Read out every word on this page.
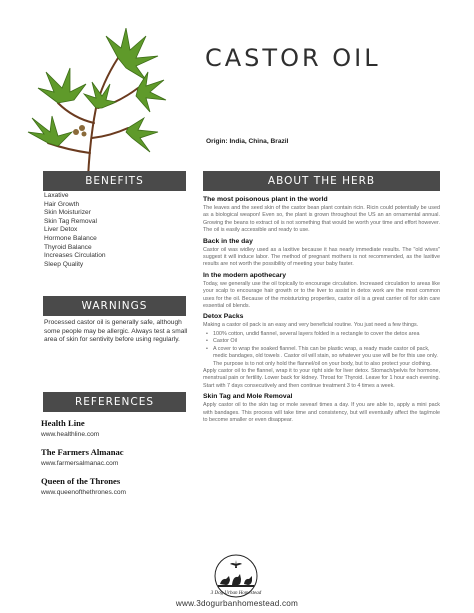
CASTOR OIL
Origin: India, China, Brazil
BENEFITS
Laxative
Hair Growth
Skin Moisturizer
Skin Tag Removal
Liver Detox
Hormone Balance
Thyroid Balance
Increases Circulation
Sleep Quality
WARNINGS

Processed castor oil is generally safe, although some people may be allergic. Always test a small area of skin for sentivity before using regularly.

REFERENCES
Health Line
www.healthline.com
The Farmers Almanac
www.farmersalmanac.com
Queen of the Thrones
www.queenofthethrones.com
ABOUT THE HERB
The most poisonous plant in the world

The leaves and the seed skin of the castor bean plant contain ricin. Ricin could potentially be used as a biological weapon! Even so, the plant is grown throughout the US an an ornamental annual. Growing the beans to extract oil is not something that would be worth your time and effort however. The oil is easily accessible and ready to use.

Back in the day

Castor oil was widley used as a laxitive because it has nearly immediate results. The "old wives" suggest it will induce labor. The method of pregnant mothers is not recommended, as the laxitive results are not worth the possibility of meeting your baby faster.

In the modern apothecary

Today, we generally use the oil topically to encourage circulation. Increased circulation to areas like your scalp to encourage hair growth or to the liver to assist in detox work are the most common uses for the oil. Because of the moisturizing properties, castor oil is a great carrier oil for skin care essential oil blends.

Detox Packs

Making a castor oil pack is an easy and very beneficial routine. You just need a few things.

• 100% cotton, undid flannel, several layers folded in a rectangle to cover the detox area
• Castor Oil
• A cover to wrap the soaked flannel. This can be plastic wrap, a ready made castor oil pack, medic bandages, old towels . Castor oil will stain, so whatever you use will be for this use only. The purpose is to not only hold the flannel/oil on your body, but to also protect your clothing.

Apply castor oil to the flannel, wrap it to your right side for liver detox. Stomach/pelvis for hormone, menstrual pain or fertility. Lower back for kidney. Throat for Thyroid. Leave for 1 hour each evening. Start with 7 days consecutively and then continue treatment 3 to 4 times a week.

Skin Tag and Mole Removal

Apply castor oil to the skin tag or mole sevearl times a day. If you are able to, apply a mini pack with bandages. This process will take time and consistency, but will eventually affect the tag/mole to become smaller or even disappear.

3 Dog Urban Homestead
www.3dogurbanhomestead.com
